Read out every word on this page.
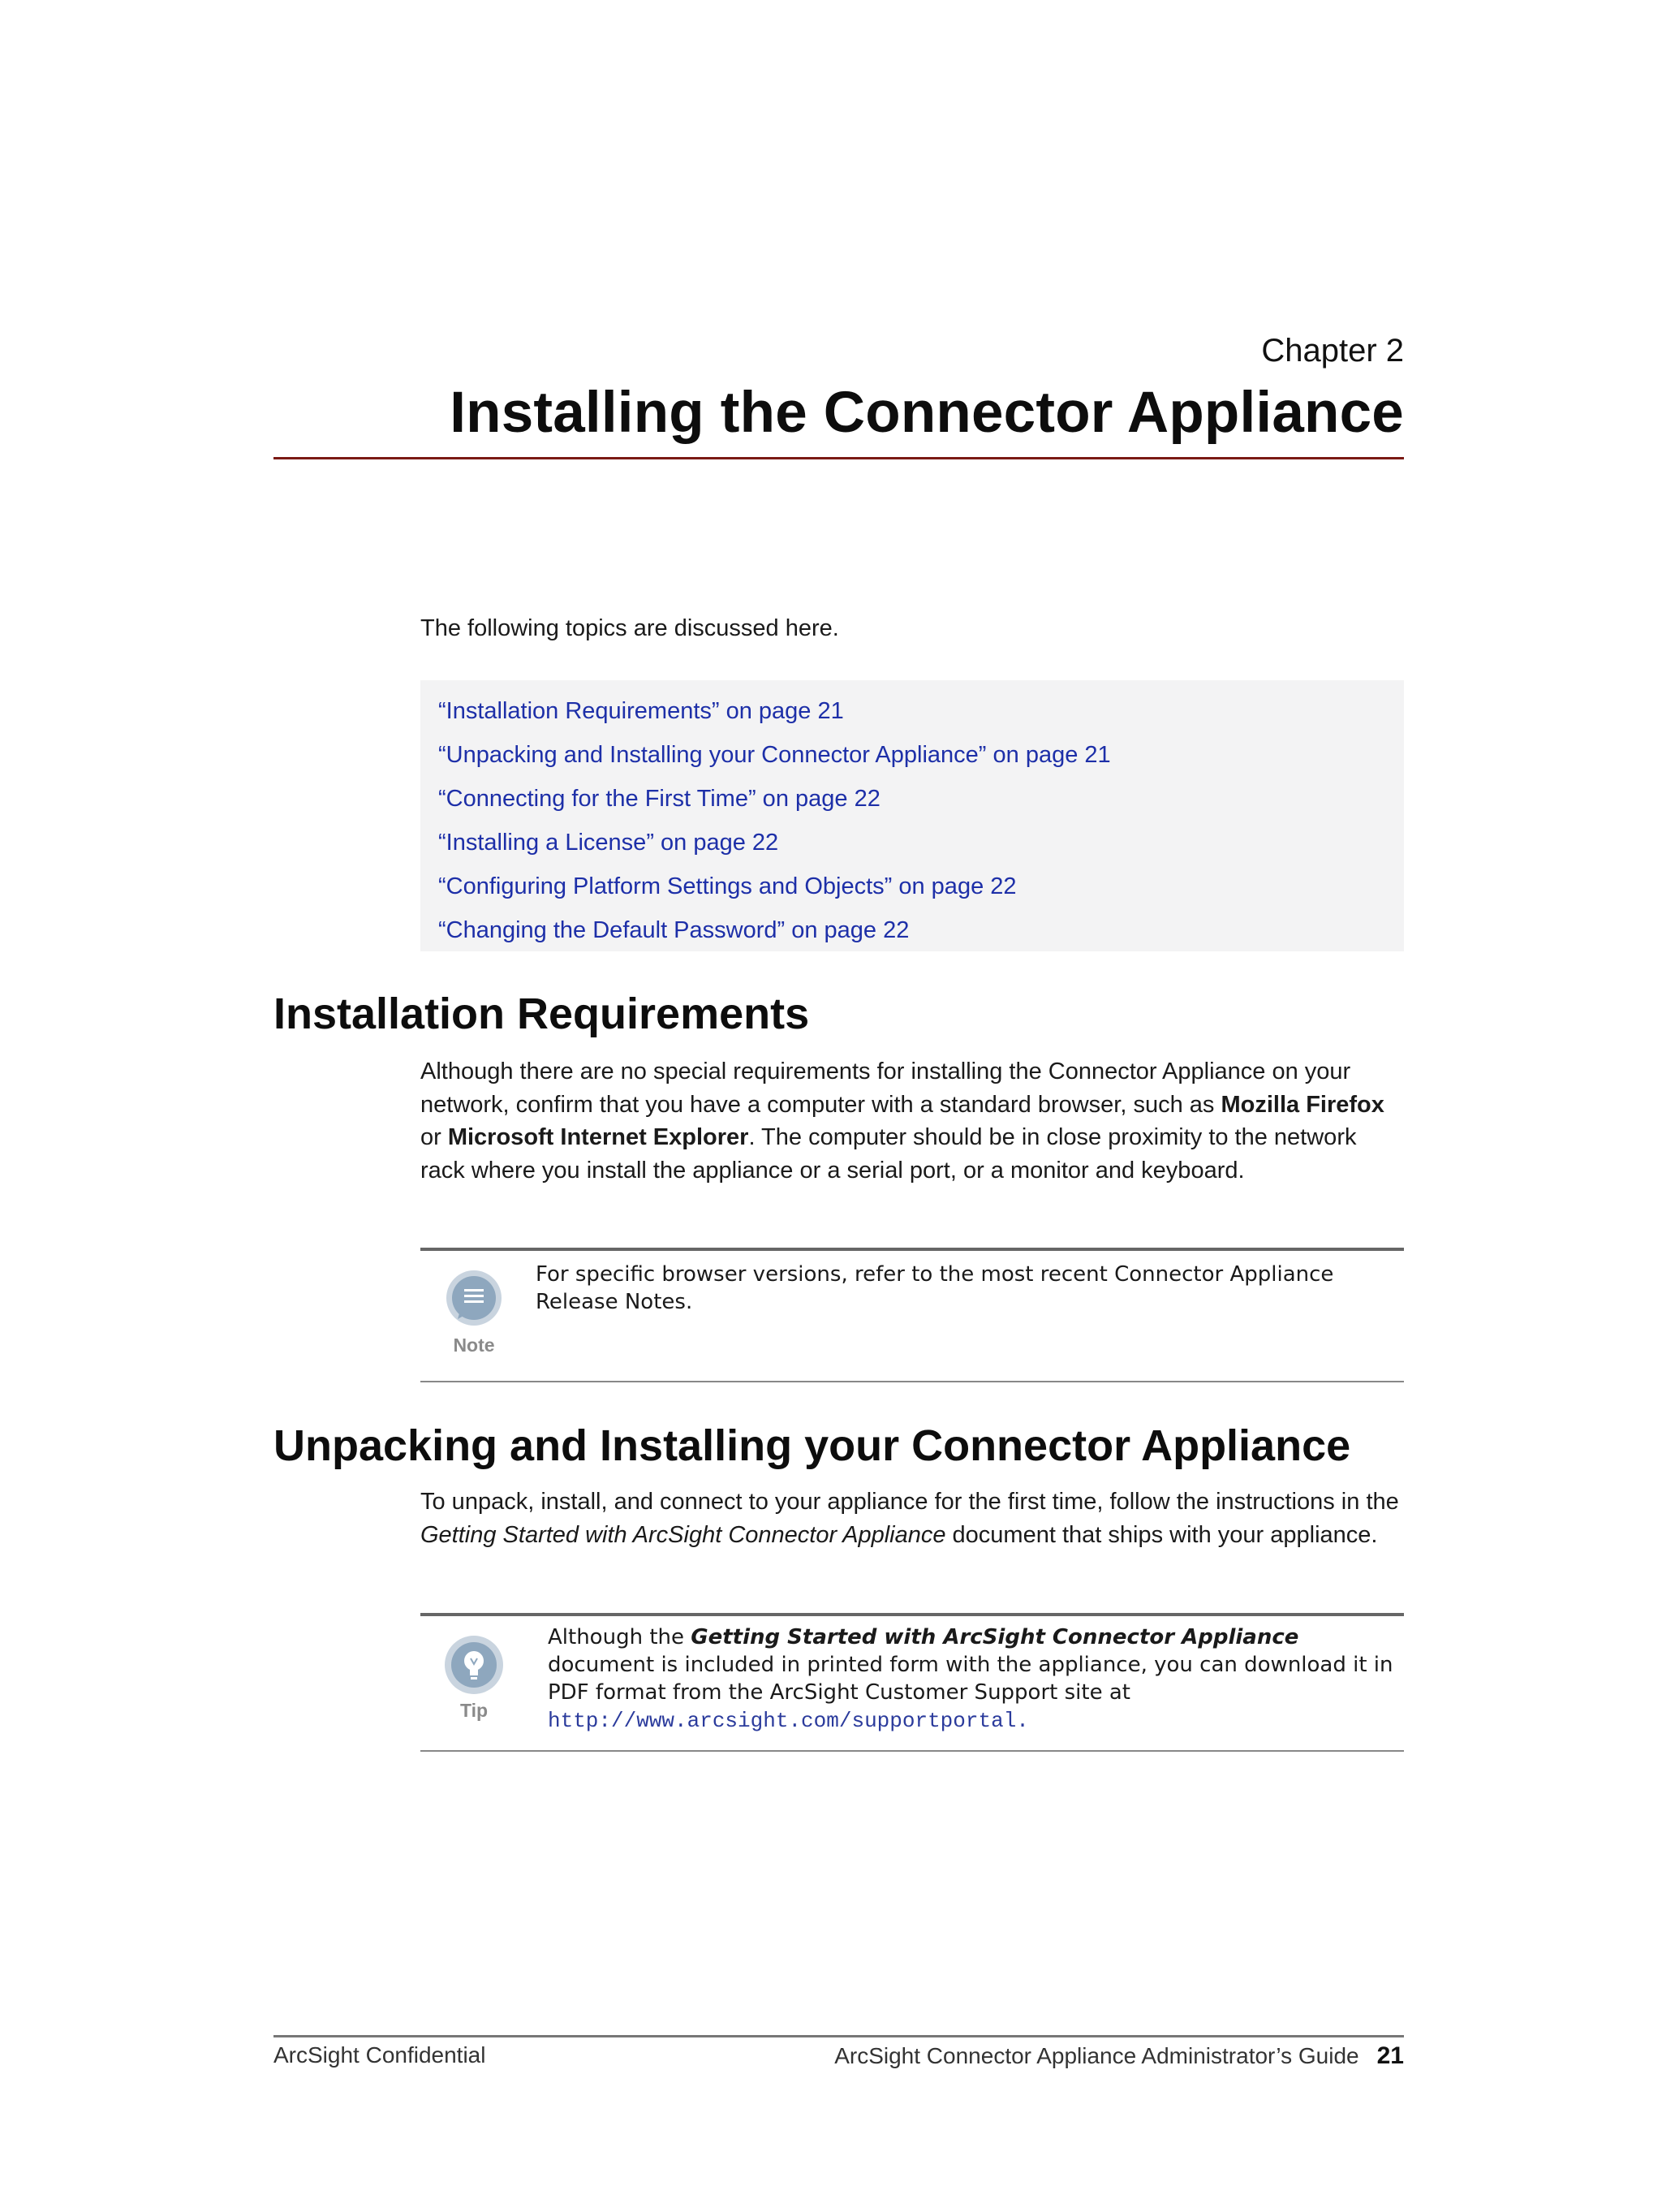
Chapter 2
Installing the Connector Appliance
The following topics are discussed here.
“Installation Requirements” on page 21
“Unpacking and Installing your Connector Appliance” on page 21
“Connecting for the First Time” on page 22
“Installing a License” on page 22
“Configuring Platform Settings and Objects” on page 22
“Changing the Default Password” on page 22
Installation Requirements
Although there are no special requirements for installing the Connector Appliance on your network, confirm that you have a computer with a standard browser, such as Mozilla Firefox or Microsoft Internet Explorer. The computer should be in close proximity to the network rack where you install the appliance or a serial port, or a monitor and keyboard.
Note
For specific browser versions, refer to the most recent Connector Appliance Release Notes.
Unpacking and Installing your Connector Appliance
To unpack, install, and connect to your appliance for the first time, follow the instructions in the Getting Started with ArcSight Connector Appliance document that ships with your appliance.
Tip
Although the Getting Started with ArcSight Connector Appliance document is included in printed form with the appliance, you can download it in PDF format from the ArcSight Customer Support site at
http://www.arcsight.com/supportportal.
ArcSight Confidential	ArcSight Connector Appliance Administrator’s Guide 21
